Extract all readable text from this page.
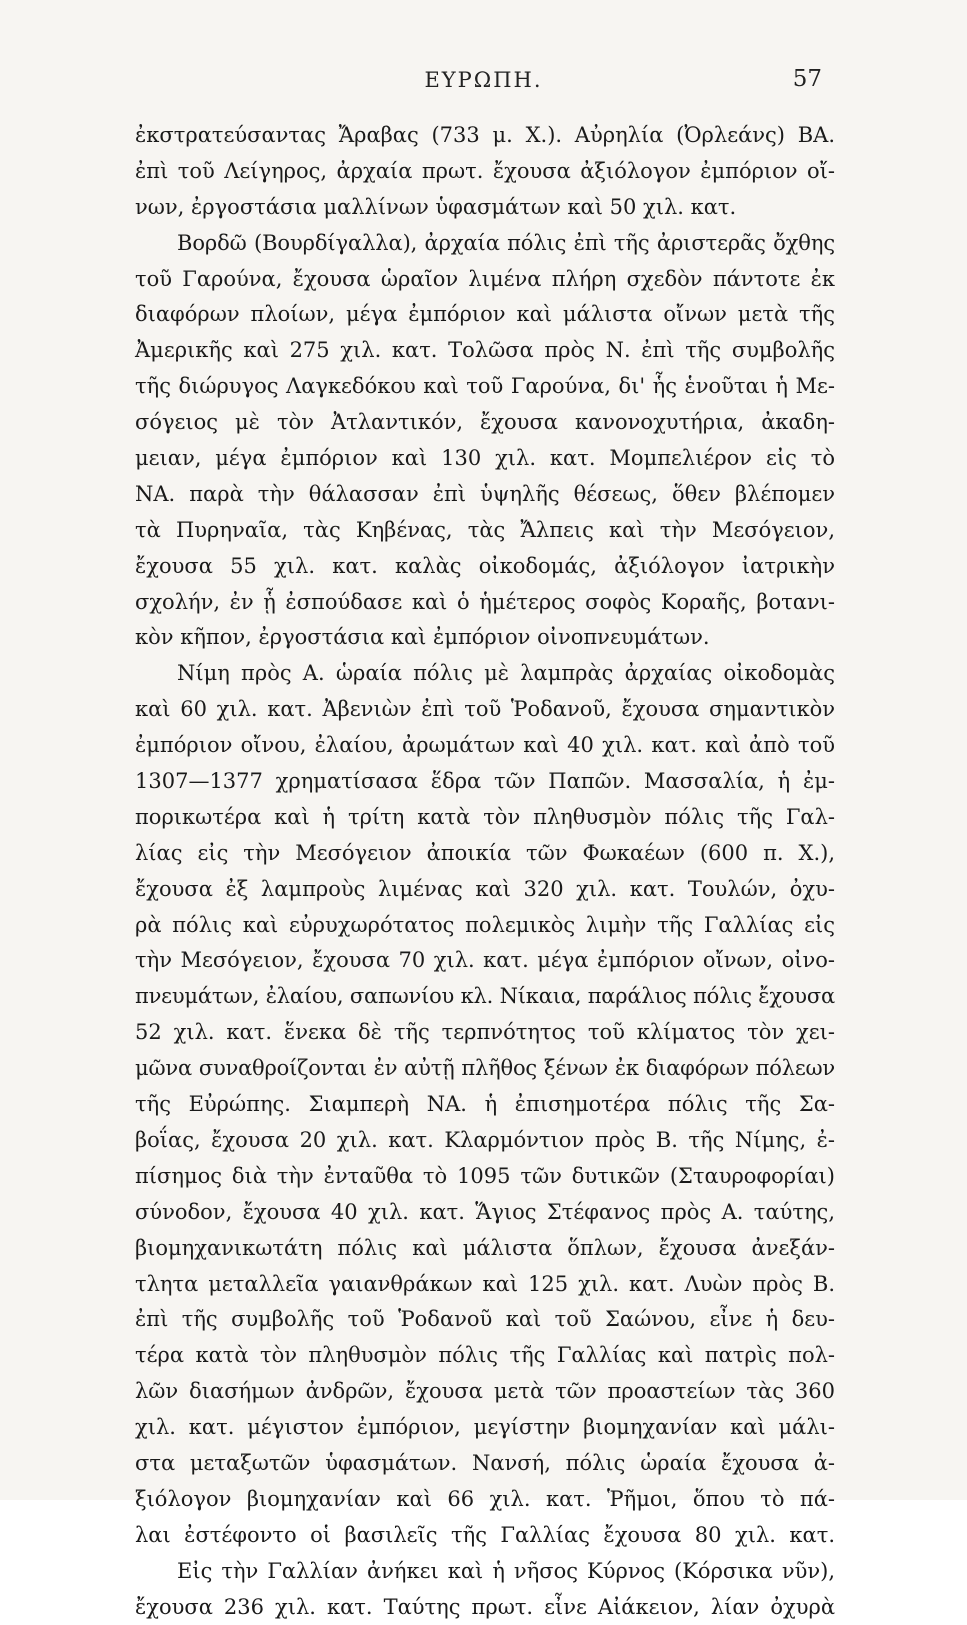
ΕΥΡΩΠΗ.	57
ἐκστρατεύσαντας Ἄραβας (733 μ. Χ.). Αὐρηλία (Ὀρλεάνς) ΒΑ.
ἐπὶ τοῦ Λείγηρος, ἀρχαία πρωτ. ἔχουσα ἀξιόλογον ἐμπόριον οἴ-
νων, ἐργοστάσια μαλλίνων ὑφασμάτων καὶ 50 χιλ. κατ.
Βορδῶ (Βουρδίγαλλα), ἀρχαία πόλις ἐπὶ τῆς ἀριστερᾶς ὄχθης
τοῦ Γαρούνα, ἔχουσα ὡραῖον λιμένα πλήρη σχεδὸν πάντοτε ἐκ
διαφόρων πλοίων, μέγα ἐμπόριον καὶ μάλιστα οἴνων μετὰ τῆς
Ἀμερικῆς καὶ 275 χιλ. κατ. Τολῶσα πρὸς Ν. ἐπὶ τῆς συμβολῆς
τῆς διώρυγος Λαγκεδόκου καὶ τοῦ Γαρούνα, δι' ἧς ἑνοῦται ἡ Με-
σόγειος μὲ τὸν Ἀτλαντικόν, ἔχουσα κανονοχυτήρια, ἀκαδη-
μειαν, μέγα ἐμπόριον καὶ 130 χιλ. κατ. Μομπελιέρον εἰς τὸ
ΝΑ. παρὰ τὴν θάλασσαν ἐπὶ ὑψηλῆς θέσεως, ὅθεν βλέπομεν
τὰ Πυρηναῖα, τὰς Κηβένας, τὰς Ἄλπεις καὶ τὴν Μεσόγειον,
ἔχουσα 55 χιλ. κατ. καλὰς οἰκοδομάς, ἀξιόλογον ἰατρικὴν
σχολήν, ἐν ᾗ ἐσπούδασε καὶ ὁ ἡμέτερος σοφὸς Κοραῆς, βοτανι-
κὸν κῆπον, ἐργοστάσια καὶ ἐμπόριον οἰνοπνευμάτων.
Νίμη πρὸς Α. ὡραία πόλις μὲ λαμπρὰς ἀρχαίας οἰκοδομὰς
καὶ 60 χιλ. κατ. Ἀβενιὼν ἐπὶ τοῦ Ῥοδανοῦ, ἔχουσα σημαντικὸν
ἐμπόριον οἴνου, ἐλαίου, ἀρωμάτων καὶ 40 χιλ. κατ. καὶ ἀπὸ τοῦ
1307—1377 χρηματίσασα ἕδρα τῶν Παπῶν. Μασσαλία, ἡ ἐμ-
πορικωτέρα καὶ ἡ τρίτη κατὰ τὸν πληθυσμὸν πόλις τῆς Γαλ-
λίας εἰς τὴν Μεσόγειον ἀποικία τῶν Φωκαέων (600 π. Χ.),
ἔχουσα ἐξ λαμπροὺς λιμένας καὶ 320 χιλ. κατ. Τουλών, ὀχυ-
ρὰ πόλις καὶ εὐρυχωρότατος πολεμικὸς λιμὴν τῆς Γαλλίας εἰς
τὴν Μεσόγειον, ἔχουσα 70 χιλ. κατ. μέγα ἐμπόριον οἴνων, οἰνο-
πνευμάτων, ἐλαίου, σαπωνίου κλ. Νίκαια, παράλιος πόλις ἔχουσα
52 χιλ. κατ. ἕνεκα δὲ τῆς τερπνότητος τοῦ κλίματος τὸν χει-
μῶνα συναθροίζονται ἐν αὐτῇ πλῆθος ξένων ἐκ διαφόρων πόλεων
τῆς Εὐρώπης. Σιαμπερὴ ΝΑ. ἡ ἐπισημοτέρα πόλις τῆς Σα-
βοΐας, ἔχουσα 20 χιλ. κατ. Κλαρμόντιον πρὸς Β. τῆς Νίμης, ἐ-
πίσημος διὰ τὴν ἐνταῦθα τὸ 1095 τῶν δυτικῶν (Σταυροφορίαι)
σύνοδον, ἔχουσα 40 χιλ. κατ. Ἅγιος Στέφανος πρὸς Α. ταύτης,
βιομηχανικωτάτη πόλις καὶ μάλιστα ὅπλων, ἔχουσα ἀνεξάν-
τλητα μεταλλεῖα γαιανθράκων καὶ 125 χιλ. κατ. Λυὼν πρὸς Β.
ἐπὶ τῆς συμβολῆς τοῦ Ῥοδανοῦ καὶ τοῦ Σαώνου, εἶνε ἡ δευ-
τέρα κατὰ τὸν πληθυσμὸν πόλις τῆς Γαλλίας καὶ πατρὶς πολ-
λῶν διασήμων ἀνδρῶν, ἔχουσα μετὰ τῶν προαστείων τὰς 360
χιλ. κατ. μέγιστον ἐμπόριον, μεγίστην βιομηχανίαν καὶ μάλι-
στα μεταξωτῶν ὑφασμάτων. Νανσή, πόλις ὡραία ἔχουσα ἀ-
ξιόλογον βιομηχανίαν καὶ 66 χιλ. κατ. Ῥῆμοι, ὅπου τὸ πά-
λαι ἐστέφοντο οἱ βασιλεῖς τῆς Γαλλίας ἔχουσα 80 χιλ. κατ.
Εἰς τὴν Γαλλίαν ἀνήκει καὶ ἡ νῆσος Κύρνος (Κόρσικα νῦν),
ἔχουσα 236 χιλ. κατ. Ταύτης πρωτ. εἶνε Αἰάκειον, λίαν ὀχυρὰ
